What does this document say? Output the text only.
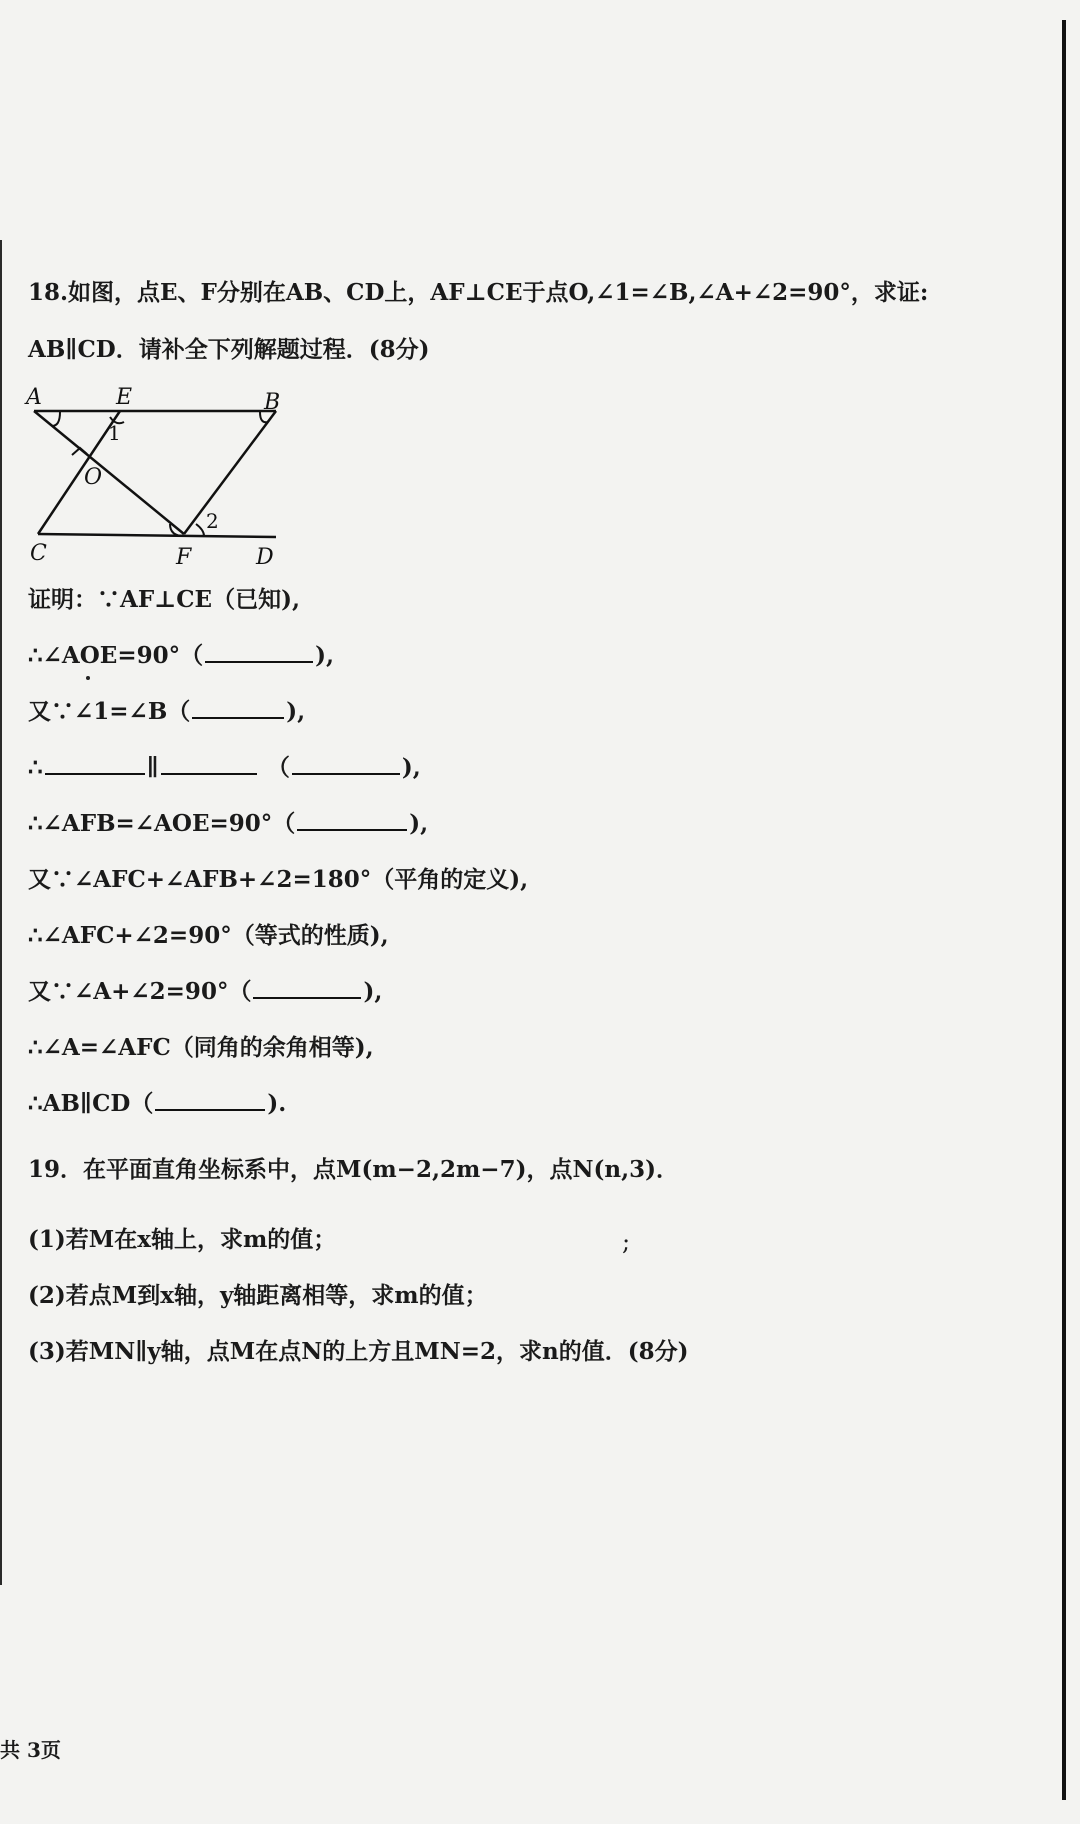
18.如图，点E、F分别在AB、CD上，AF⊥CE于点O,∠1=∠B,∠A+∠2=90°，求证:
AB∥CD．请补全下列解题过程．(8分)
A	E	B
1
O
2
C	F	D
证明：∵AF⊥CE（已知),
∴∠AOE=90°（	),
又∵∠1=∠B（	),
∴	∥	（	),
∴∠AFB=∠AOE=90°（	),
又∵∠AFC+∠AFB+∠2=180°（平角的定义),
∴∠AFC+∠2=90°（等式的性质),
又∵∠A+∠2=90°（	),
∴∠A=∠AFC（同角的余角相等),
∴AB∥CD（	).
19．在平面直角坐标系中，点M(m−2,2m−7)，点N(n,3)．
(1)若M在x轴上，求m的值；	;
(2)若点M到x轴，y轴距离相等，求m的值；
(3)若MN∥y轴，点M在点N的上方且MN=2，求n的值．(8分)
共 3页
